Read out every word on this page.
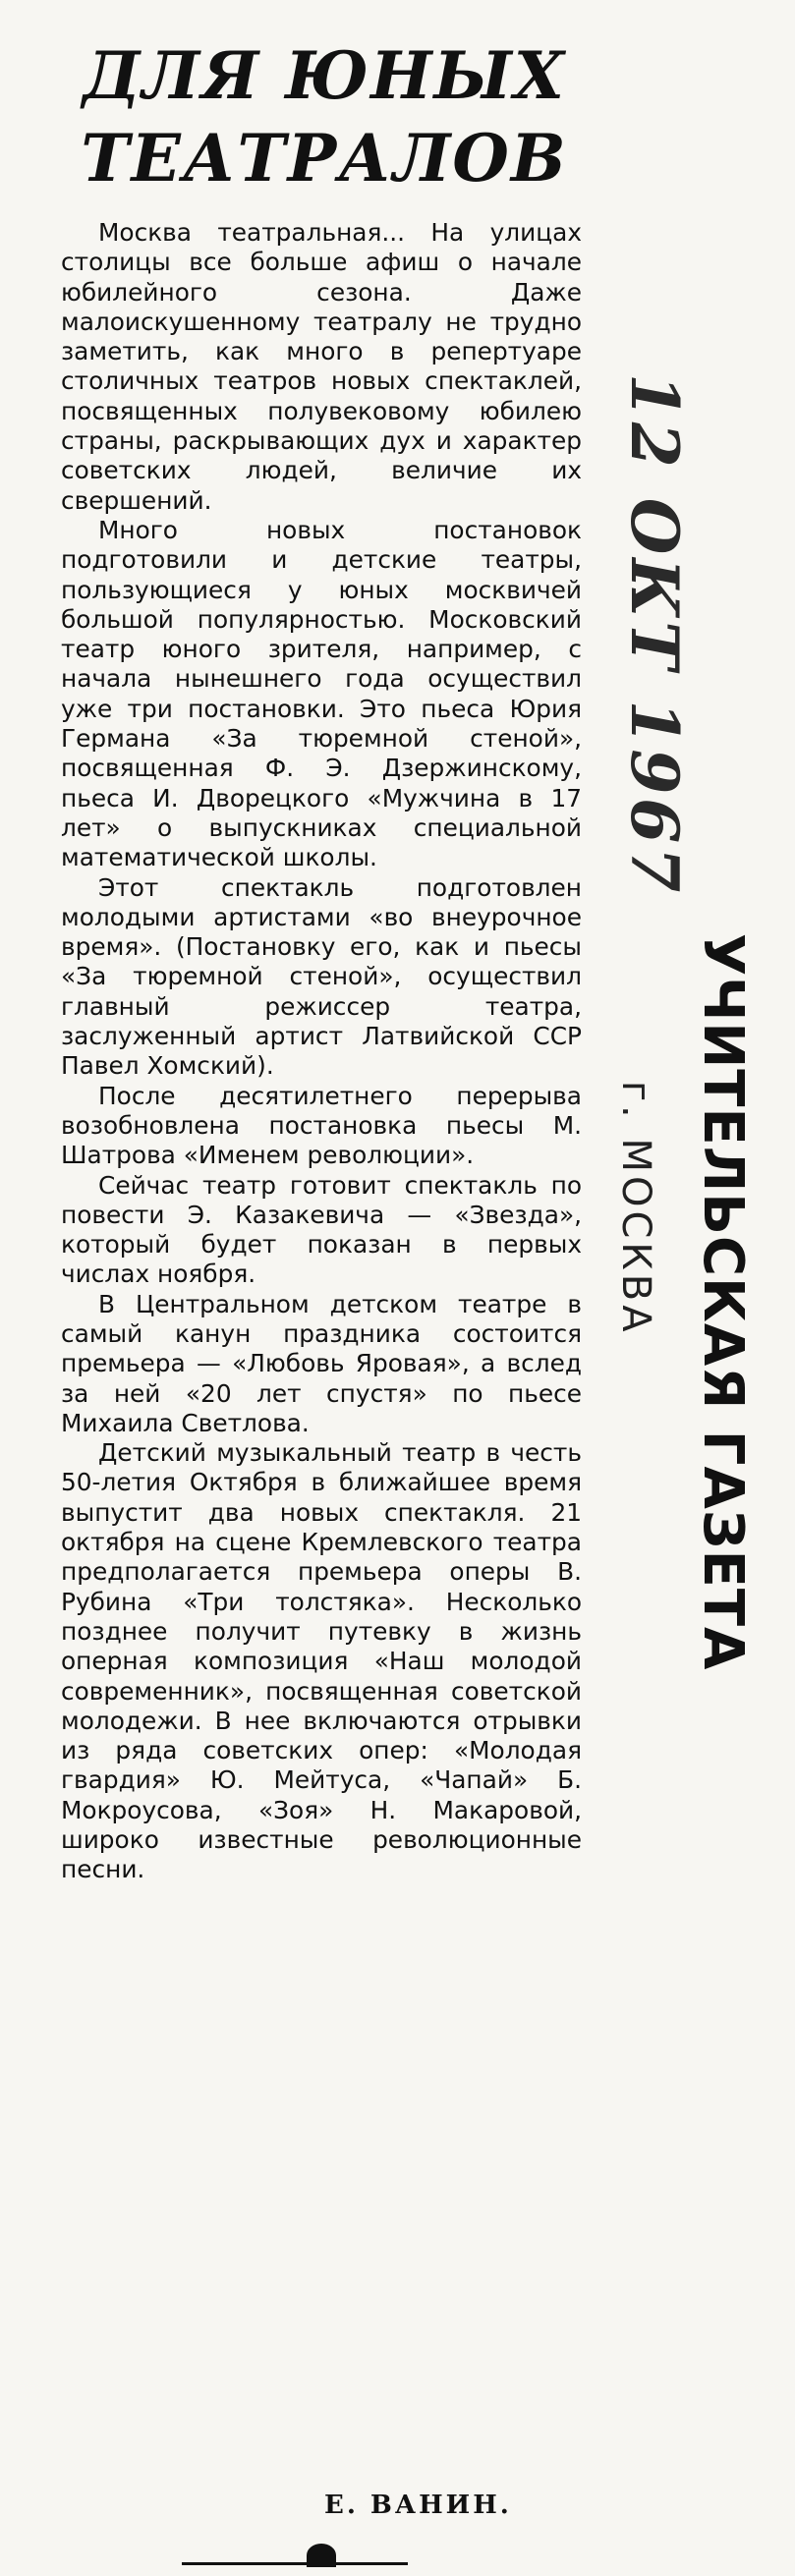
ДЛЯ ЮНЫХ ТЕАТРАЛОВ

Москва театральная... На улицах столицы все больше афиш о начале юбилейного сезона. Даже малоискушенному театралу не трудно заметить, как много в репертуаре столичных театров новых спектаклей, посвященных полувековому юбилею страны, раскрывающих дух и характер советских людей, величие их свершений.

Много новых постановок подготовили и детские театры, пользующиеся у юных москвичей большой популярностью. Московский театр юного зрителя, например, с начала нынешнего года осуществил уже три постановки. Это пьеса Юрия Германа «За тюремной стеной», посвященная Ф. Э. Дзержинскому, пьеса И. Дворецкого «Мужчина в 17 лет» о выпускниках специальной математической школы.

Этот спектакль подготовлен молодыми артистами «во внеурочное время». (Постановку его, как и пьесы «За тюремной стеной», осуществил главный режиссер театра, заслуженный артист Латвийской ССР Павел Хомский).

После десятилетнего перерыва возобновлена постановка пьесы М. Шатрова «Именем революции».

Сейчас театр готовит спектакль по повести Э. Казакевича — «Звезда», который будет показан в первых числах ноября.

В Центральном детском театре в самый канун праздника состоится премьера — «Любовь Яровая», а вслед за ней «20 лет спустя» по пьесе Михаила Светлова.

Детский музыкальный театр в честь 50-летия Октября в ближайшее время выпустит два новых спектакля. 21 октября на сцене Кремлевского театра предполагается премьера оперы В. Рубина «Три толстяка». Несколько позднее получит путевку в жизнь оперная композиция «Наш молодой современник», посвященная советской молодежи. В нее включаются отрывки из ряда советских опер: «Молодая гвардия» Ю. Мейтуса, «Чапай» Б. Мокроусова, «Зоя» Н. Макаровой, широко известные революционные песни.

Е. ВАНИН.
12 ОКТ 1967
УЧИТЕЛЬСКАЯ ГАЗЕТА
г. МОСКВА
